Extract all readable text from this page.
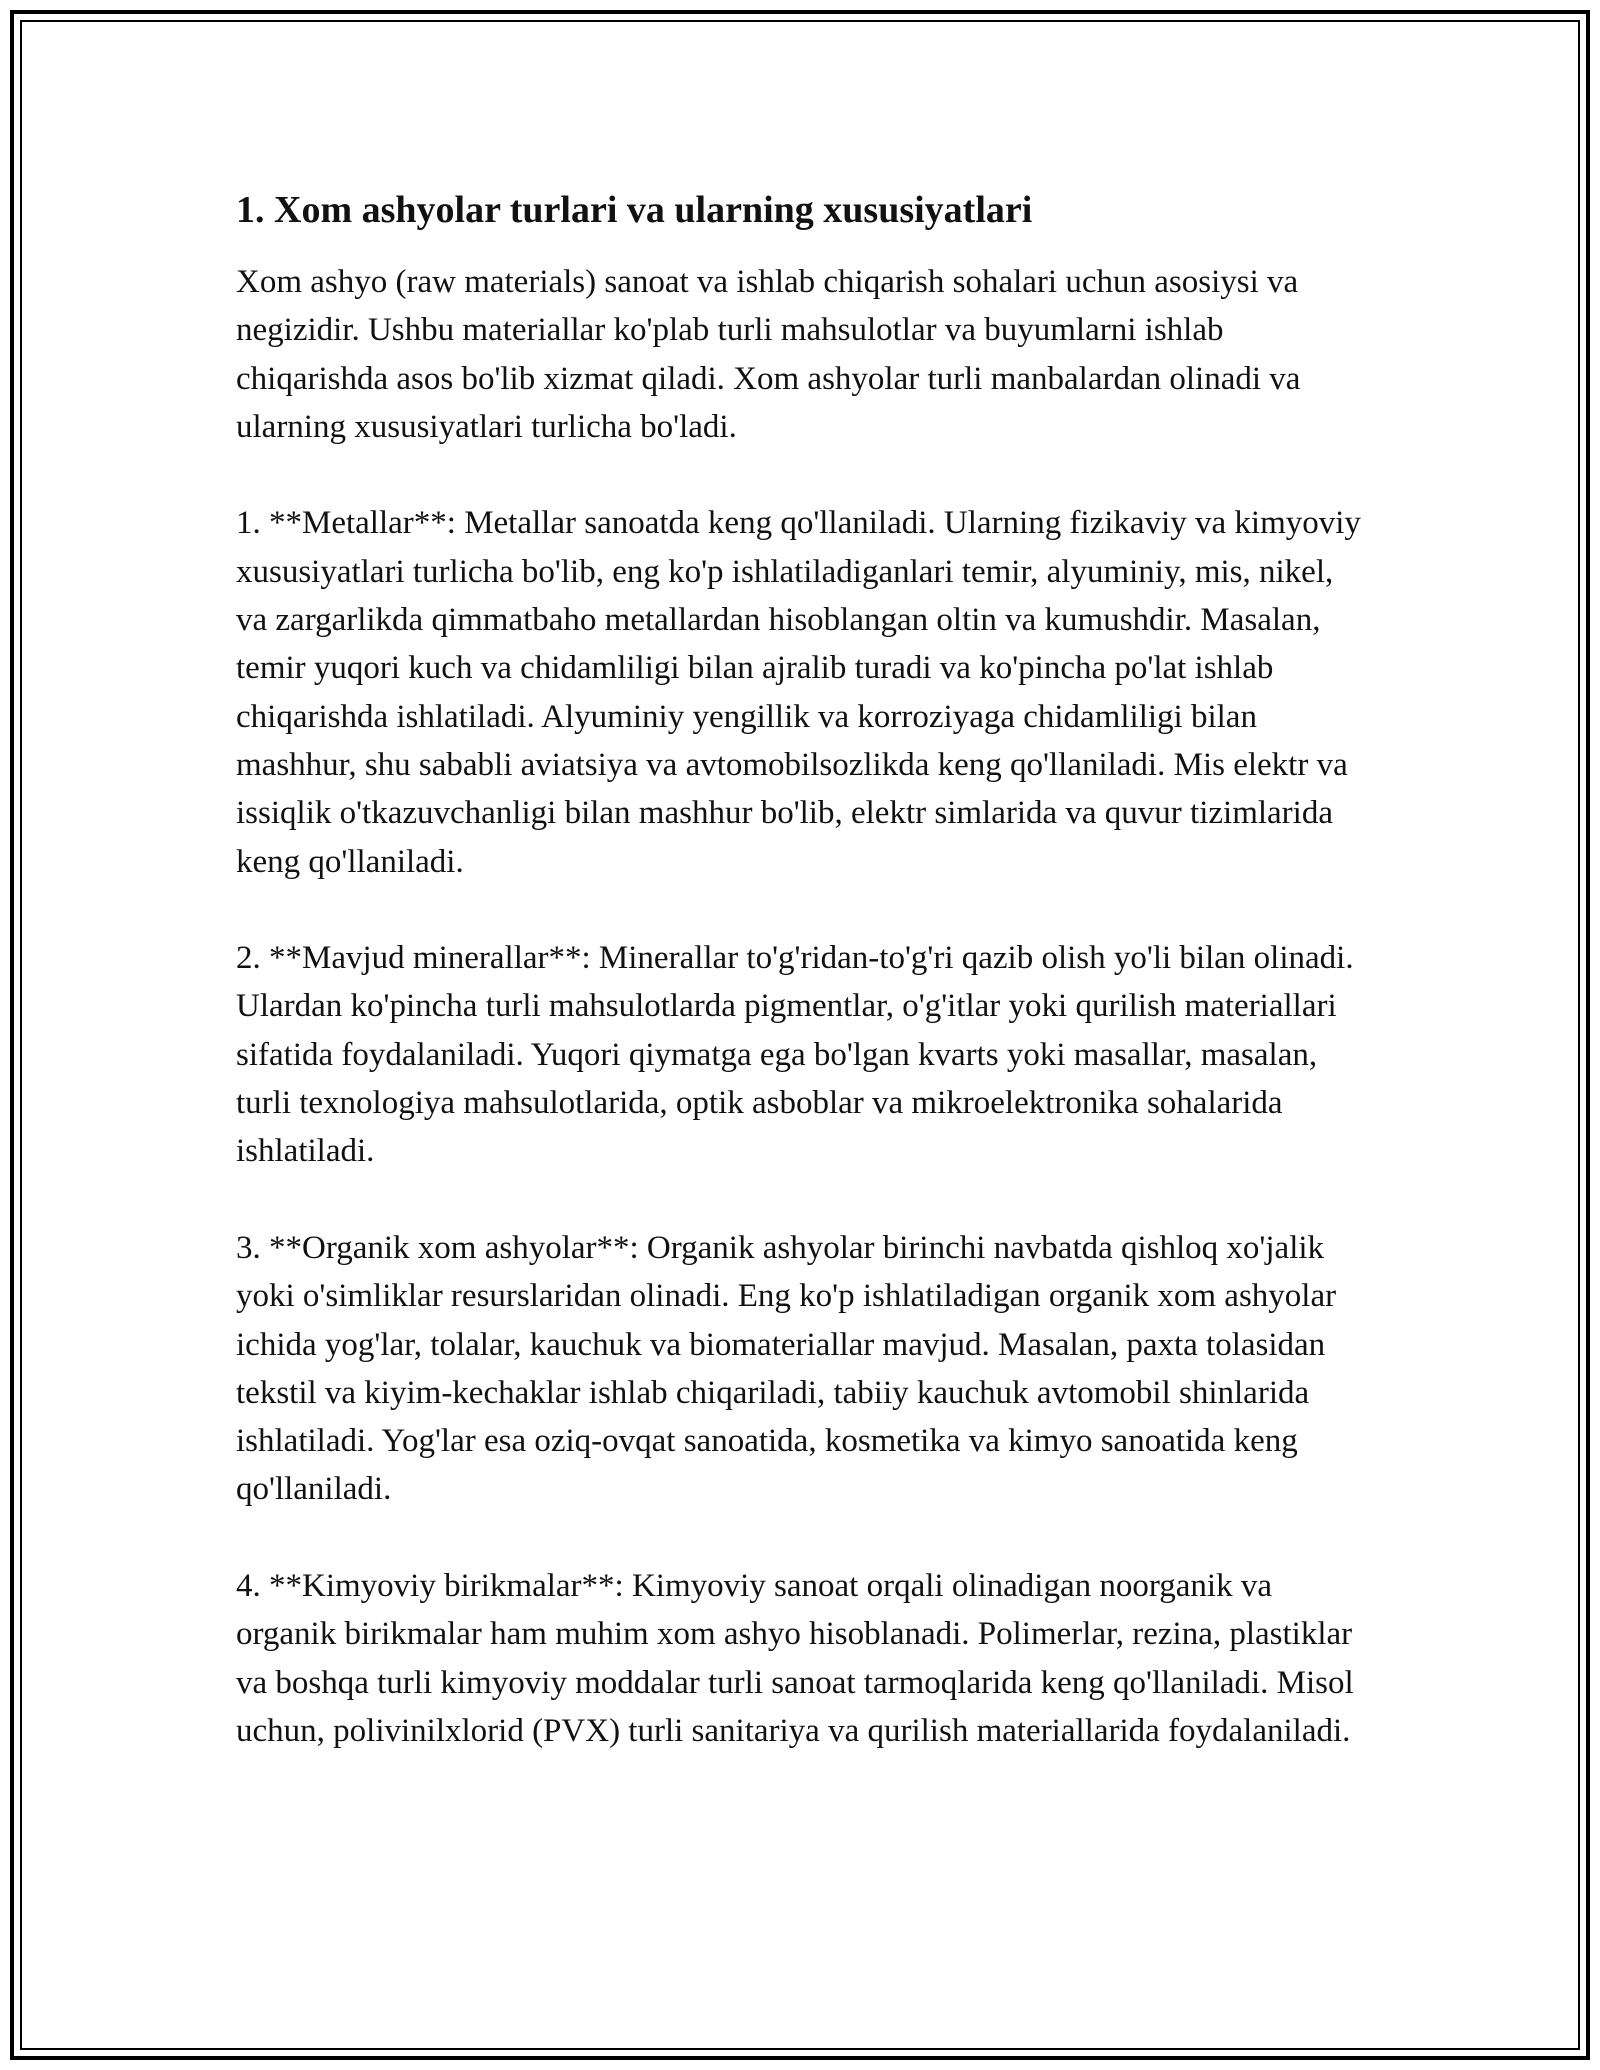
1. Xom ashyolar turlari va ularning xususiyatlari

Xom ashyo (raw materials) sanoat va ishlab chiqarish sohalari uchun asosiysi va negizidir. Ushbu materiallar ko'plab turli mahsulotlar va buyumlarni ishlab chiqarishda asos bo'lib xizmat qiladi. Xom ashyolar turli manbalardan olinadi va ularning xususiyatlari turlicha bo'ladi.

1. **Metallar**: Metallar sanoatda keng qo'llaniladi. Ularning fizikaviy va kimyoviy xususiyatlari turlicha bo'lib, eng ko'p ishlatiladiganlari temir, alyuminiy, mis, nikel, va zargarlikda qimmatbaho metallardan hisoblangan oltin va kumushdir. Masalan, temir yuqori kuch va chidamliligi bilan ajralib turadi va ko'pincha po'lat ishlab chiqarishda ishlatiladi. Alyuminiy yengillik va korroziyaga chidamliligi bilan mashhur, shu sababli aviatsiya va avtomobilsozlikda keng qo'llaniladi. Mis elektr va issiqlik o'tkazuvchanligi bilan mashhur bo'lib, elektr simlarida va quvur tizimlarida keng qo'llaniladi.

2. **Mavjud minerallar**: Minerallar to'g'ridan-to'g'ri qazib olish yo'li bilan olinadi. Ulardan ko'pincha turli mahsulotlarda pigmentlar, o'g'itlar yoki qurilish materiallari sifatida foydalaniladi. Yuqori qiymatga ega bo'lgan kvarts yoki masallar, masalan, turli texnologiya mahsulotlarida, optik asboblar va mikroelektronika sohalarida ishlatiladi.

3. **Organik xom ashyolar**: Organik ashyolar birinchi navbatda qishloq xo'jalik yoki o'simliklar resurslaridan olinadi. Eng ko'p ishlatiladigan organik xom ashyolar ichida yog'lar, tolalar, kauchuk va biomateriallar mavjud. Masalan, paxta tolasidan tekstil va kiyim-kechaklar ishlab chiqariladi, tabiiy kauchuk avtomobil shinlarida ishlatiladi. Yog'lar esa oziq-ovqat sanoatida, kosmetika va kimyo sanoatida keng qo'llaniladi.

4. **Kimyoviy birikmalar**: Kimyoviy sanoat orqali olinadigan noorganik va organik birikmalar ham muhim xom ashyo hisoblanadi. Polimerlar, rezina, plastiklar va boshqa turli kimyoviy moddalar turli sanoat tarmoqlarida keng qo'llaniladi. Misol uchun, polivinilxlorid (PVX) turli sanitariya va qurilish materiallarida foydalaniladi.
